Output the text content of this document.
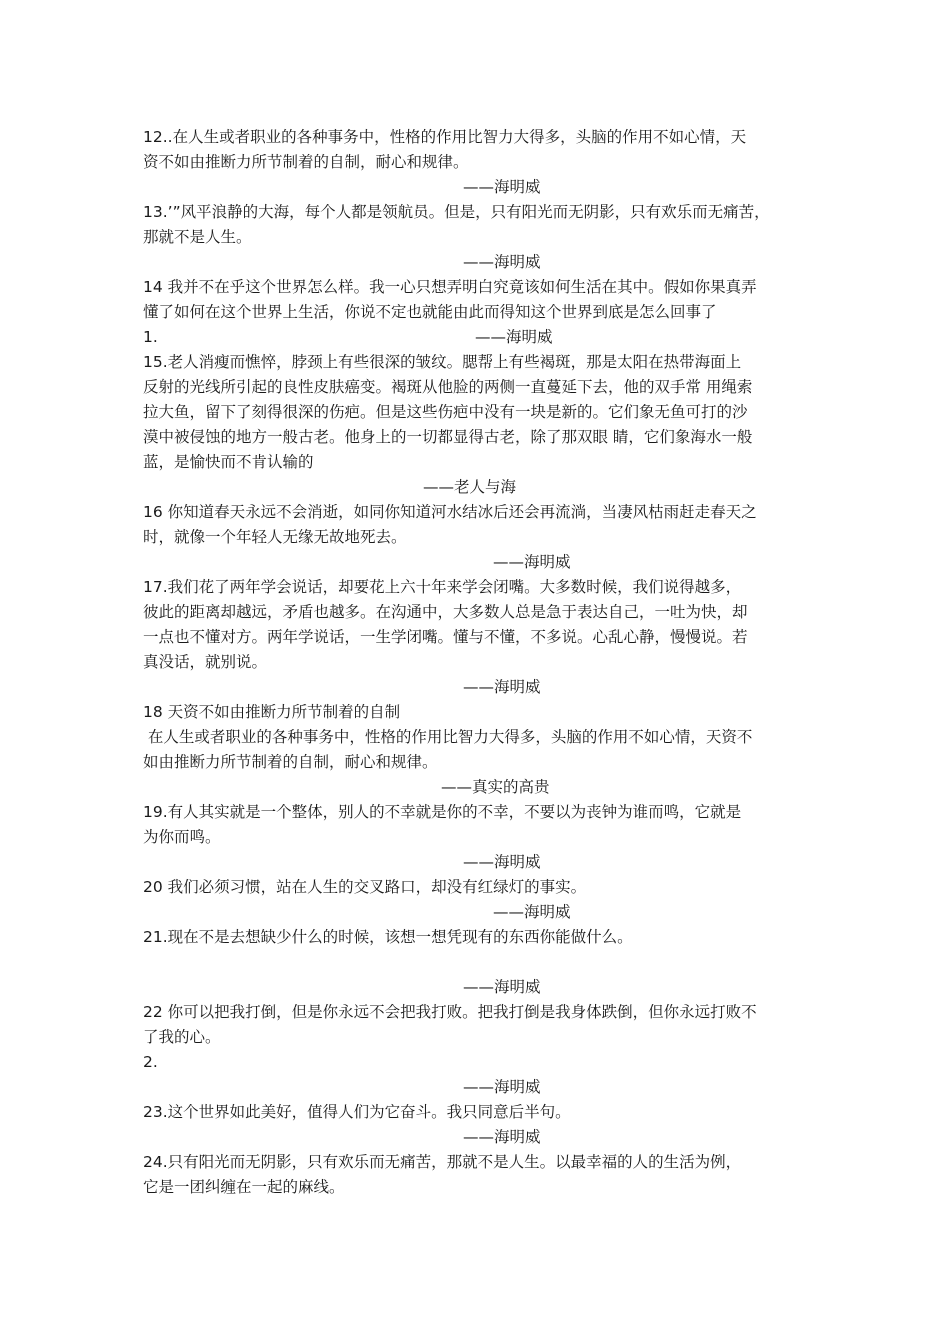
12..在人生或者职业的各种事务中，性格的作用比智力大得多，头脑的作用不如心情，天
资不如由推断力所节制着的自制，耐心和规律。
——海明威
13.’”风平浪静的大海，每个人都是领航员。但是，只有阳光而无阴影，只有欢乐而无痛苦，
那就不是人生。
——海明威
14 我并不在乎这个世界怎么样。我一心只想弄明白究竟该如何生活在其中。假如你果真弄
懂了如何在这个世界上生活，你说不定也就能由此而得知这个世界到底是怎么回事了
1.	——海明威
15.老人消瘦而憔悴，脖颈上有些很深的皱纹。腮帮上有些褐斑，那是太阳在热带海面上
反射的光线所引起的良性皮肤癌变。褐斑从他脸的两侧一直蔓延下去，他的双手常 用绳索
拉大鱼，留下了刻得很深的伤疤。但是这些伤疤中没有一块是新的。它们象无鱼可打的沙
漠中被侵蚀的地方一般古老。他身上的一切都显得古老，除了那双眼 睛，它们象海水一般
蓝，是愉快而不肯认输的
——老人与海
16 你知道春天永远不会消逝，如同你知道河水结冰后还会再流淌，当凄风枯雨赶走春天之
时，就像一个年轻人无缘无故地死去。
——海明威
17.我们花了两年学会说话，却要花上六十年来学会闭嘴。大多数时候，我们说得越多，
彼此的距离却越远，矛盾也越多。在沟通中，大多数人总是急于表达自己，一吐为快，却
一点也不懂对方。两年学说话，一生学闭嘴。懂与不懂，不多说。心乱心静，慢慢说。若
真没话，就别说。
——海明威
18 天资不如由推断力所节制着的自制
在人生或者职业的各种事务中，性格的作用比智力大得多，头脑的作用不如心情，天资不
如由推断力所节制着的自制，耐心和规律。
——真实的高贵
19.有人其实就是一个整体，别人的不幸就是你的不幸，不要以为丧钟为谁而鸣，它就是
为你而鸣。
——海明威
20 我们必须习惯，站在人生的交叉路口，却没有红绿灯的事实。
——海明威
21.现在不是去想缺少什么的时候，该想一想凭现有的东西你能做什么。
——海明威
22 你可以把我打倒，但是你永远不会把我打败。把我打倒是我身体跌倒，但你永远打败不
了我的心。
2.
——海明威
23.这个世界如此美好，值得人们为它奋斗。我只同意后半句。
——海明威
24.只有阳光而无阴影，只有欢乐而无痛苦，那就不是人生。以最幸福的人的生活为例，
它是一团纠缠在一起的麻线。
